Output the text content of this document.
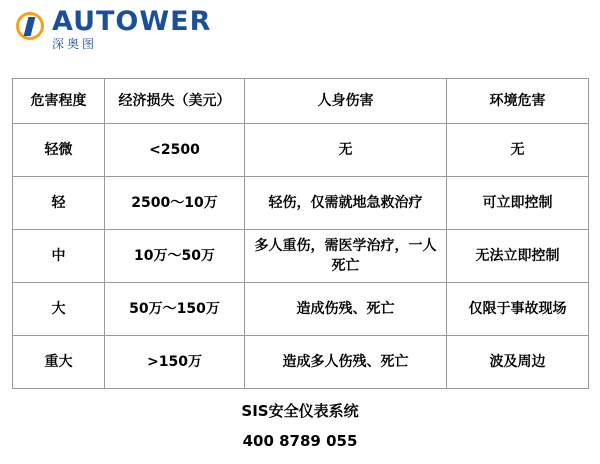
AUTOWER
深奥图
危害程度	经济损失（美元）	人身伤害	环境危害
轻微	<2500	无	无
轻	2500～10万	轻伤，仅需就地急救治疗	可立即控制
中	10万～50万	多人重伤，需医学治疗，一人死亡	无法立即控制
大	50万～150万	造成伤残、死亡	仅限于事故现场
重大	>150万	造成多人伤残、死亡	波及周边
SIS安全仪表系统
400 8789 055
